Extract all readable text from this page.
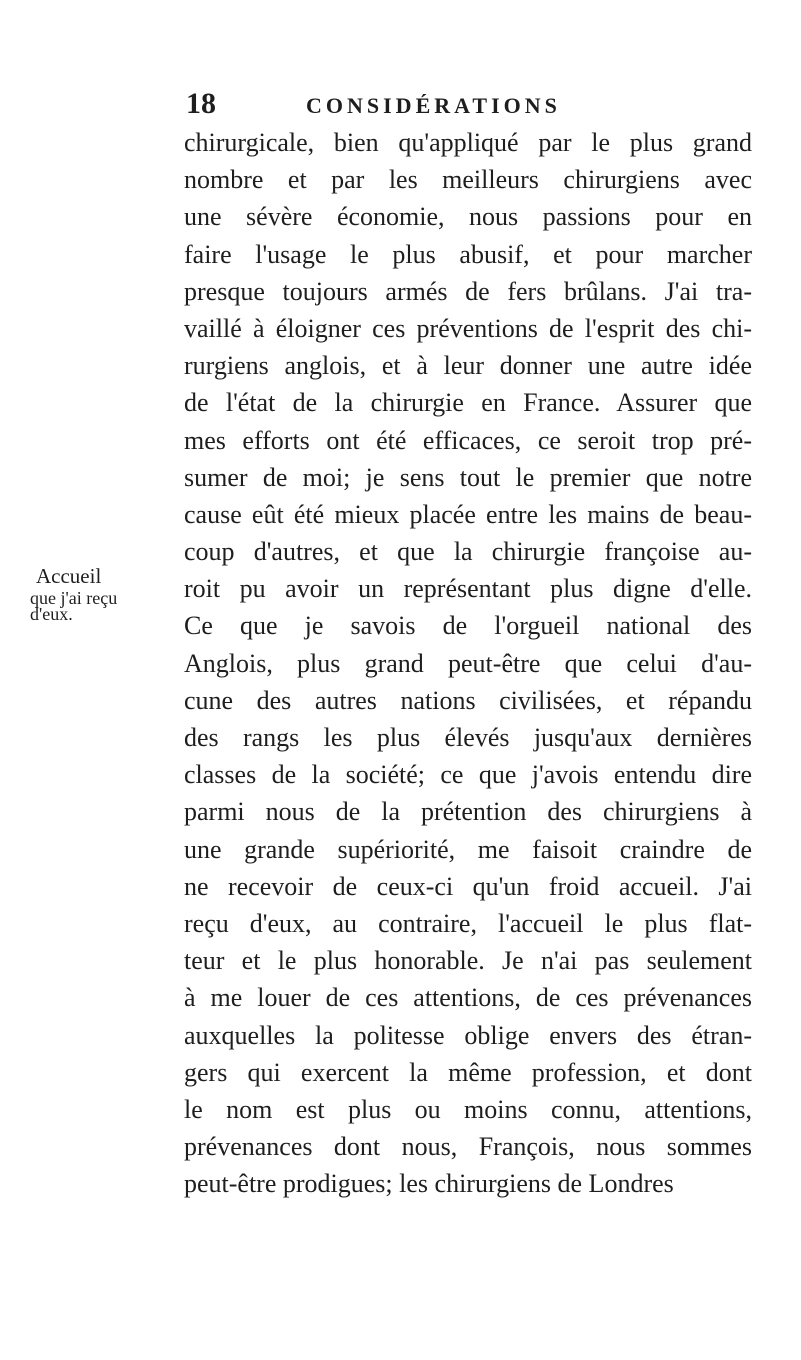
18	CONSIDÉRATIONS
Accueil
que j'ai reçu
d'eux.
chirurgicale, bien qu'appliqué par le plus grand
nombre et par les meilleurs chirurgiens avec
une sévère économie, nous passions pour en
faire l'usage le plus abusif, et pour marcher
presque toujours armés de fers brûlans. J'ai tra-
vaillé à éloigner ces préventions de l'esprit des chi-
rurgiens anglois, et à leur donner une autre idée
de l'état de la chirurgie en France. Assurer que
mes efforts ont été efficaces, ce seroit trop pré-
sumer de moi; je sens tout le premier que notre
cause eût été mieux placée entre les mains de beau-
coup d'autres, et que la chirurgie françoise au-
roit pu avoir un représentant plus digne d'elle.
Ce que je savois de l'orgueil national des
Anglois, plus grand peut-être que celui d'au-
cune des autres nations civilisées, et répandu
des rangs les plus élevés jusqu'aux dernières
classes de la société; ce que j'avois entendu dire
parmi nous de la prétention des chirurgiens à
une grande supériorité, me faisoit craindre de
ne recevoir de ceux-ci qu'un froid accueil. J'ai
reçu d'eux, au contraire, l'accueil le plus flat-
teur et le plus honorable. Je n'ai pas seulement
à me louer de ces attentions, de ces prévenances
auxquelles la politesse oblige envers des étran-
gers qui exercent la même profession, et dont
le nom est plus ou moins connu, attentions,
prévenances dont nous, François, nous sommes
peut-être prodigues; les chirurgiens de Londres
